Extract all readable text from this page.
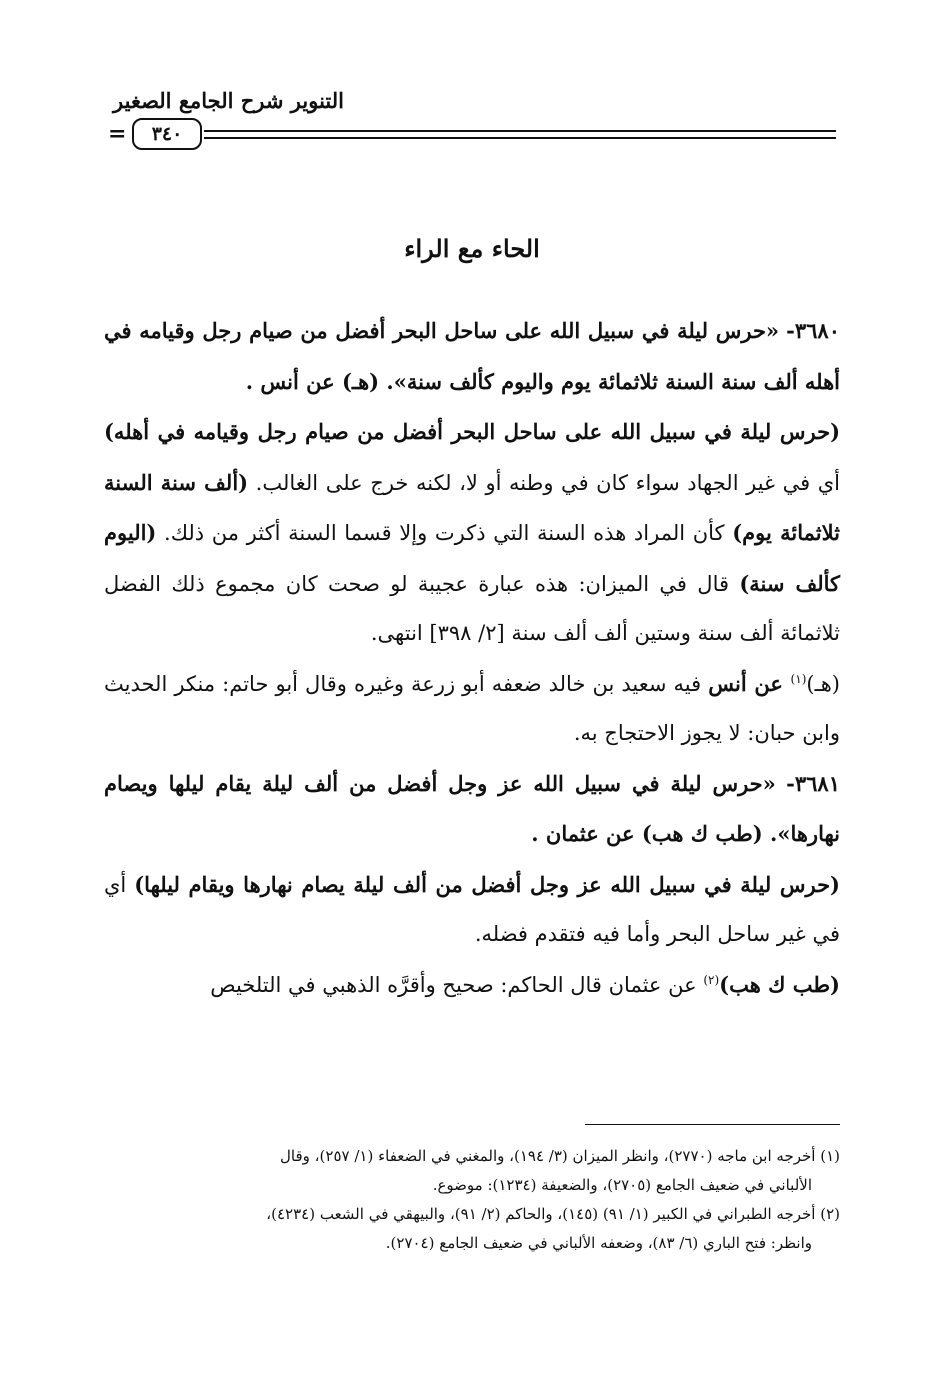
التنوير شرح الجامع الصغير
=	٣٤٠
الحاء مع الراء

٣٦٨٠- «حرس ليلة في سبيل الله على ساحل البحر أفضل من صيام رجل وقيامه في أهله ألف سنة السنة ثلاثمائة يوم واليوم كألف سنة». (هـ) عن أنس .

(حرس ليلة في سبيل الله على ساحل البحر أفضل من صيام رجل وقيامه في أهله) أي في غير الجهاد سواء كان في وطنه أو لا، لكنه خرج على الغالب. (ألف سنة السنة ثلاثمائة يوم) كأن المراد هذه السنة التي ذكرت وإلا قسما السنة أكثر من ذلك. (اليوم كألف سنة) قال في الميزان: هذه عبارة عجيبة لو صحت كان مجموع ذلك الفضل ثلاثمائة ألف سنة وستين ألف ألف سنة [٢/ ٣٩٨] انتهى.

(هـ)$^{(١)}$ عن أنس فيه سعيد بن خالد ضعفه أبو زرعة وغيره وقال أبو حاتم: منكر الحديث وابن حبان: لا يجوز الاحتجاج به.

٣٦٨١- «حرس ليلة في سبيل الله عز وجل أفضل من ألف ليلة يقام ليلها ويصام نهارها». (طب ك هب) عن عثمان .

(حرس ليلة في سبيل الله عز وجل أفضل من ألف ليلة يصام نهارها ويقام ليلها) أي في غير ساحل البحر وأما فيه فتقدم فضله.

(طب ك هب)$^{(٢)}$ عن عثمان قال الحاكم: صحيح وأقرَّه الذهبي في التلخيص

(١) أخرجه ابن ماجه (٢٧٧٠)، وانظر الميزان (٣/ ١٩٤)، والمغني في الضعفاء (١/ ٢٥٧)، وقال

الألباني في ضعيف الجامع (٢٧٠٥)، والضعيفة (١٢٣٤): موضوع.

(٢) أخرجه الطبراني في الكبير (١/ ٩١) (١٤٥)، والحاكم (٢/ ٩١)، والبيهقي في الشعب (٤٢٣٤)،

وانظر: فتح الباري (٦/ ٨٣)، وضعفه الألباني في ضعيف الجامع (٢٧٠٤).
